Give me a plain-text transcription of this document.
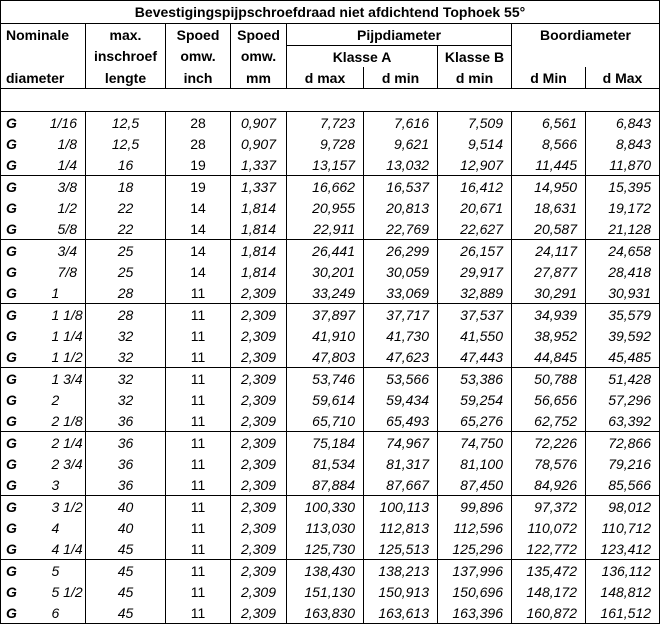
Bevestigingspijpschroefdraad niet afdichtend Tophoek 55°									
Nominale		max.	Spoed	Spoed	Pijpdiameter			Boordiameter	
		inschroef	omw.	omw.	Klasse A		Klasse B		
diameter		lengte	inch	mm	d max	d min	d min	d Min	d Max

G	1/16	12,5	28	0,907	7,723	7,616	7,509	6,561	6,843
G	1/8	12,5	28	0,907	9,728	9,621	9,514	8,566	8,843
G	1/4	16	19	1,337	13,157	13,032	12,907	11,445	11,870
G	3/8	18	19	1,337	16,662	16,537	16,412	14,950	15,395
G	1/2	22	14	1,814	20,955	20,813	20,671	18,631	19,172
G	5/8	22	14	1,814	22,911	22,769	22,627	20,587	21,128
G	3/4	25	14	1,814	26,441	26,299	26,157	24,117	24,658
G	7/8	25	14	1,814	30,201	30,059	29,917	27,877	28,418
G	1	28	11	2,309	33,249	33,069	32,889	30,291	30,931
G	1 1/8	28	11	2,309	37,897	37,717	37,537	34,939	35,579
G	1 1/4	32	11	2,309	41,910	41,730	41,550	38,952	39,592
G	1 1/2	32	11	2,309	47,803	47,623	47,443	44,845	45,485
G	1 3/4	32	11	2,309	53,746	53,566	53,386	50,788	51,428
G	2	32	11	2,309	59,614	59,434	59,254	56,656	57,296
G	2 1/8	36	11	2,309	65,710	65,493	65,276	62,752	63,392
G	2 1/4	36	11	2,309	75,184	74,967	74,750	72,226	72,866
G	2 3/4	36	11	2,309	81,534	81,317	81,100	78,576	79,216
G	3	36	11	2,309	87,884	87,667	87,450	84,926	85,566
G	3 1/2	40	11	2,309	100,330	100,113	99,896	97,372	98,012
G	4	40	11	2,309	113,030	112,813	112,596	110,072	110,712
G	4 1/4	45	11	2,309	125,730	125,513	125,296	122,772	123,412
G	5	45	11	2,309	138,430	138,213	137,996	135,472	136,112
G	5 1/2	45	11	2,309	151,130	150,913	150,696	148,172	148,812
G	6	45	11	2,309	163,830	163,613	163,396	160,872	161,512
